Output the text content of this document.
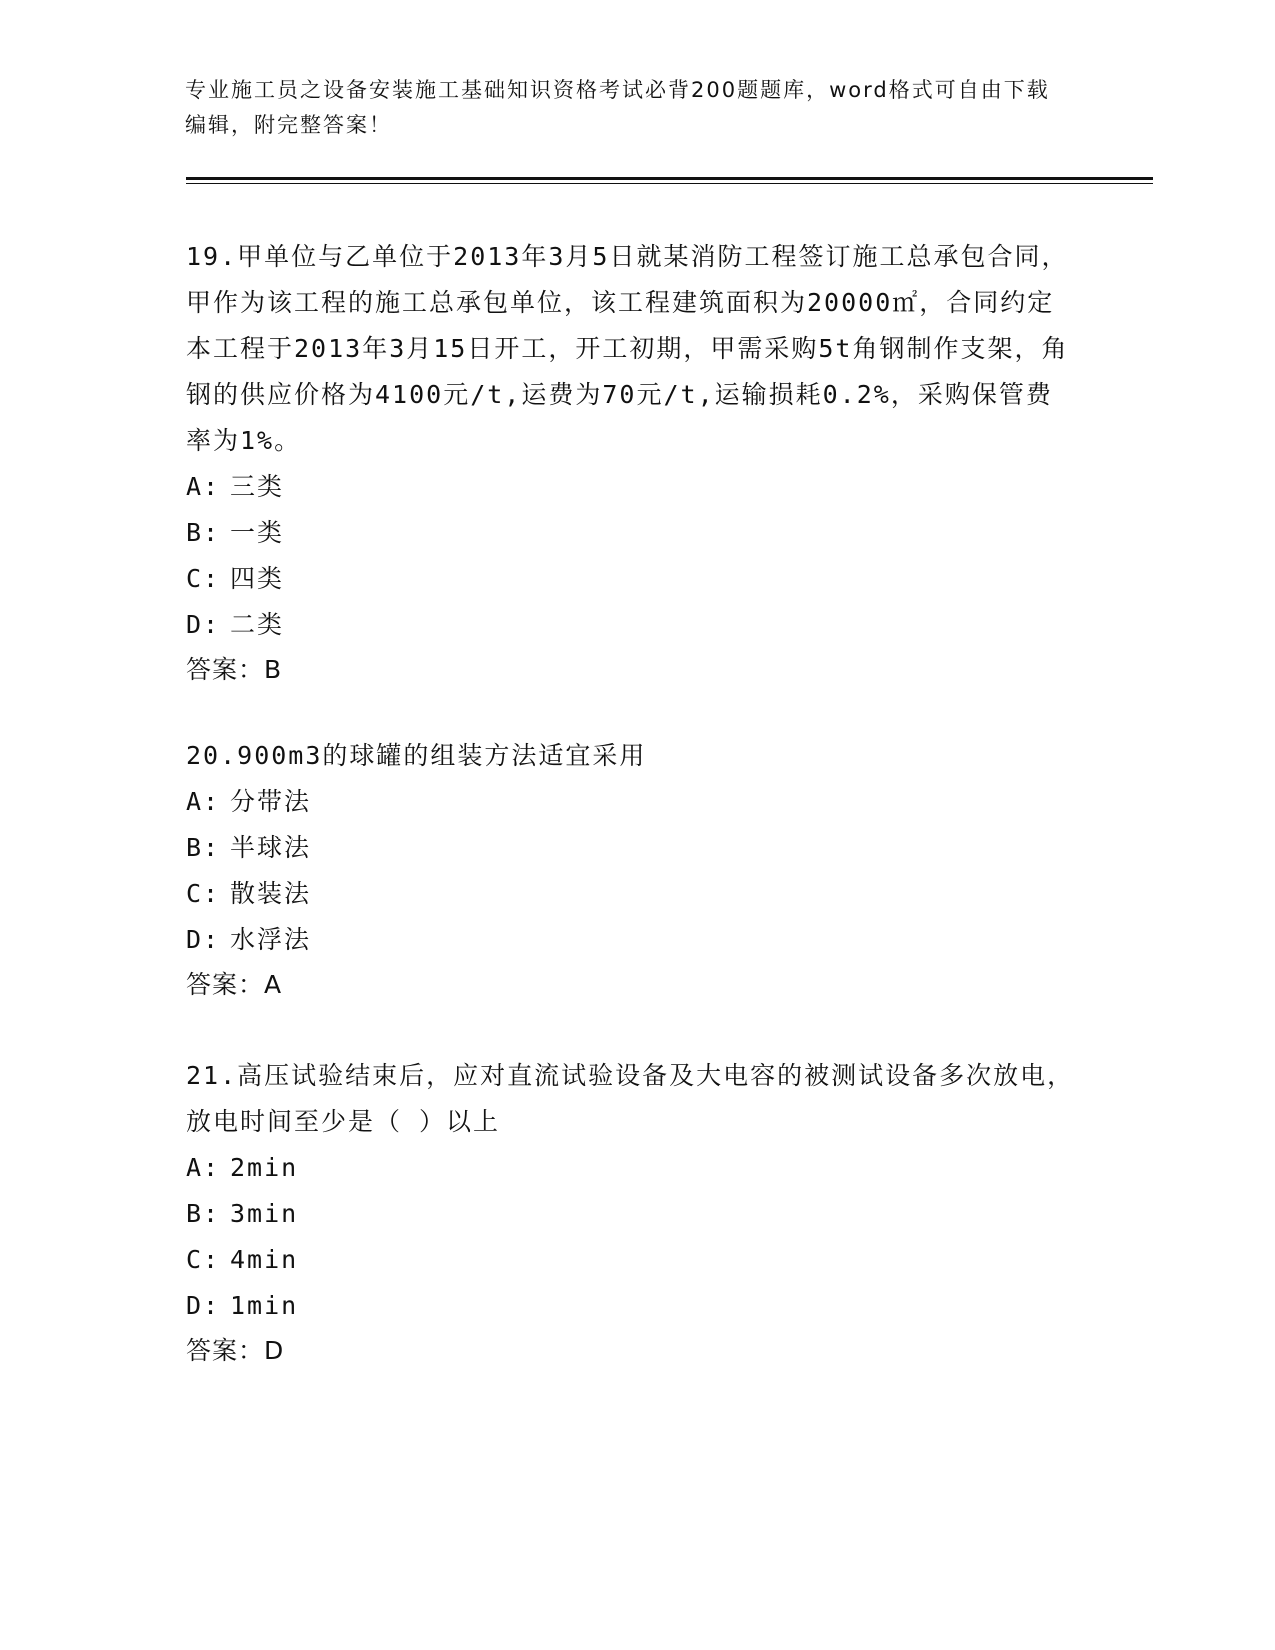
专业施工员之设备安装施工基础知识资格考试必背200题题库，word格式可自由下载编辑，附完整答案！

19.甲单位与乙单位于2013年3月5日就某消防工程签订施工总承包合同，甲作为该工程的施工总承包单位，该工程建筑面积为20000㎡，合同约定本工程于2013年3月15日开工，开工初期，甲需采购5t角钢制作支架，角钢的供应价格为4100元/t,运费为70元/t,运输损耗0.2%，采购保管费率为1%。

A: 三类
B: 一类
C: 四类
D: 二类
答案：B

20.900m3的球罐的组装方法适宜采用

A: 分带法
B: 半球法
C: 散装法
D: 水浮法
答案：A

21.高压试验结束后，应对直流试验设备及大电容的被测试设备多次放电，放电时间至少是（ ）以上

A: 2min
B: 3min
C: 4min
D: 1min
答案：D
